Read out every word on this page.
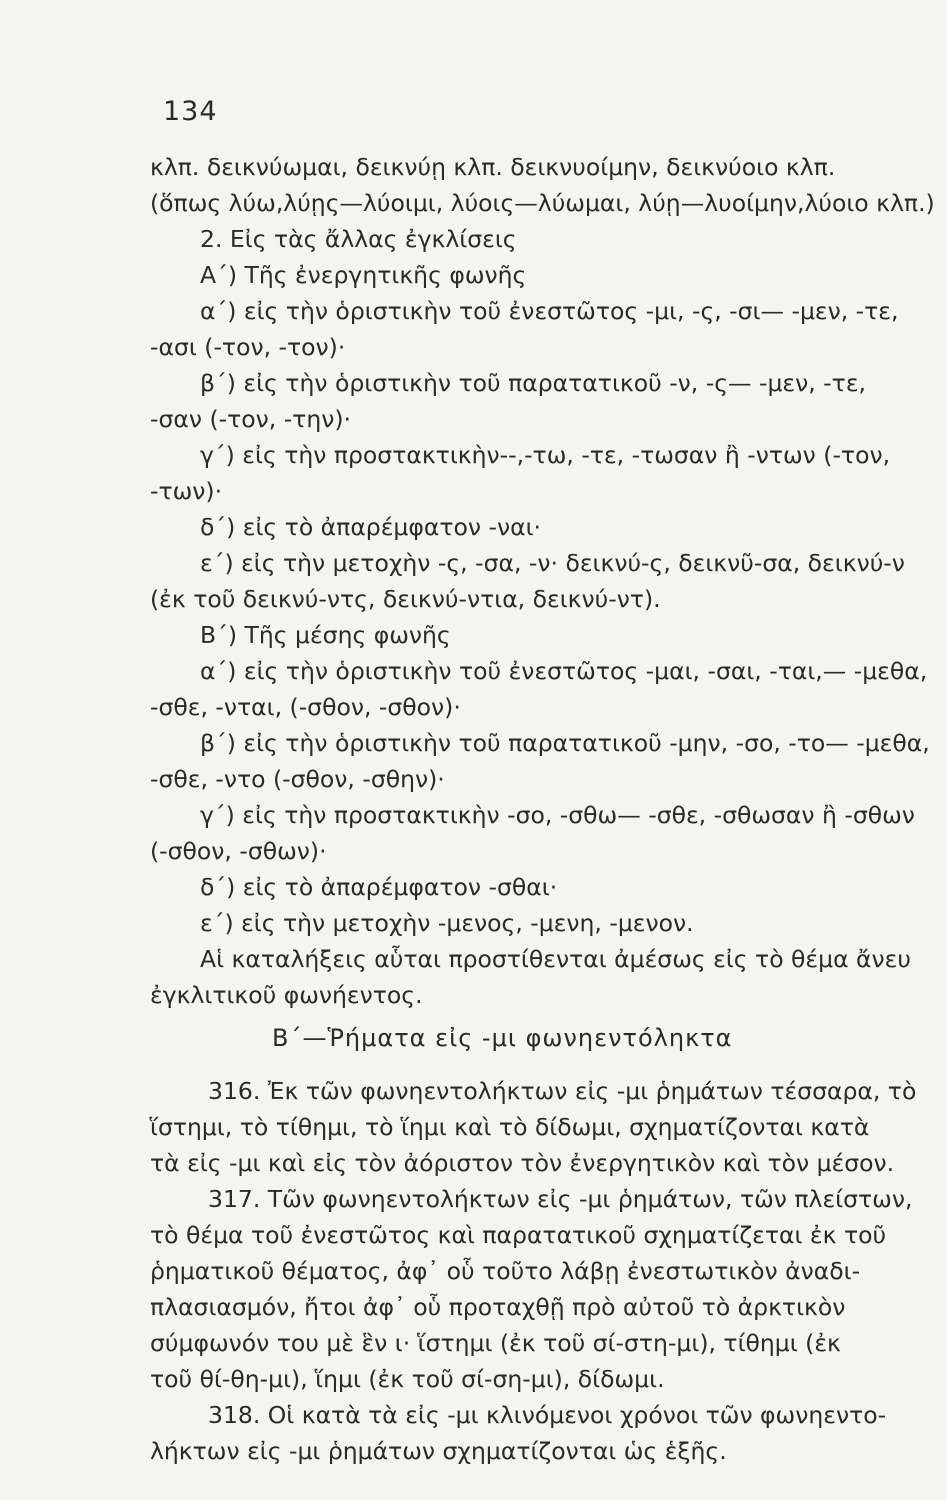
134
κλπ. δεικνύωμαι, δεικνύῃ κλπ. δεικνυοίμην, δεικνύοιο κλπ.
(ὅπως λύω,λύῃς—λύοιμι, λύοις—λύωμαι, λύῃ—λυοίμην,λύοιο κλπ.)
2. Εἰς τὰς ἄλλας ἐγκλίσεις
Α΄) Τῆς ἐνεργητικῆς φωνῆς
α΄) εἰς τὴν ὁριστικὴν τοῦ ἐνεστῶτος -μι, -ς, -σι— -μεν, -τε,
-ασι (-τον, -τον)·
β΄) εἰς τὴν ὁριστικὴν τοῦ παρατατικοῦ -ν, -ς— -μεν, -τε,
-σαν (-τον, -την)·
γ΄) εἰς τὴν προστακτικὴν--,-τω, -τε, -τωσαν ἢ -ντων (-τον,
-των)·
δ΄) εἰς τὸ ἀπαρέμφατον -ναι·
ε΄) εἰς τὴν μετοχὴν -ς, -σα, -ν· δεικνύ-ς, δεικνῦ-σα, δεικνύ-ν
(ἐκ τοῦ δεικνύ-ντς, δεικνύ-ντια, δεικνύ-ντ).
Β΄) Τῆς μέσης φωνῆς
α΄) εἰς τὴν ὁριστικὴν τοῦ ἐνεστῶτος -μαι, -σαι, -ται,— -μεθα,
-σθε, -νται, (-σθον, -σθον)·
β΄) εἰς τὴν ὁριστικὴν τοῦ παρατατικοῦ -μην, -σο, -το— -μεθα,
-σθε, -ντο (-σθον, -σθην)·
γ΄) εἰς τὴν προστακτικὴν -σο, -σθω— -σθε, -σθωσαν ἢ -σθων
(-σθον, -σθων)·
δ΄) εἰς τὸ ἀπαρέμφατον -σθαι·
ε΄) εἰς τὴν μετοχὴν -μενος, -μενη, -μενον.
Αἱ καταλήξεις αὗται προστίθενται ἀμέσως εἰς τὸ θέμα ἄνευ
ἐγκλιτικοῦ φωνήεντος.
Β΄—Ῥήματα εἰς -μι φωνηεντόληκτα
316. Ἐκ τῶν φωνηεντολήκτων εἰς -μι ῥημάτων τέσσαρα, τὸ
ἵστημι, τὸ τίθημι, τὸ ἵημι καὶ τὸ δίδωμι, σχηματίζονται κατὰ
τὰ εἰς -μι καὶ εἰς τὸν ἀόριστον τὸν ἐνεργητικὸν καὶ τὸν μέσον.
317. Τῶν φωνηεντολήκτων εἰς -μι ῥημάτων, τῶν πλείστων,
τὸ θέμα τοῦ ἐνεστῶτος καὶ παρατατικοῦ σχηματίζεται ἐκ τοῦ
ῥηματικοῦ θέματος, ἀφ᾽ οὗ τοῦτο λάβῃ ἐνεστωτικὸν ἀναδι-
πλασιασμόν, ἤτοι ἀφ᾽ οὗ προταχθῇ πρὸ αὐτοῦ τὸ ἀρκτικὸν
σύμφωνόν του μὲ ἓν ι· ἵστημι (ἐκ τοῦ σί-στη-μι), τίθημι (ἐκ
τοῦ θί-θη-μι), ἵημι (ἐκ τοῦ σί-ση-μι), δίδωμι.
318. Οἱ κατὰ τὰ εἰς -μι κλινόμενοι χρόνοι τῶν φωνηεντο-
λήκτων εἰς -μι ῥημάτων σχηματίζονται ὡς ἑξῆς.
